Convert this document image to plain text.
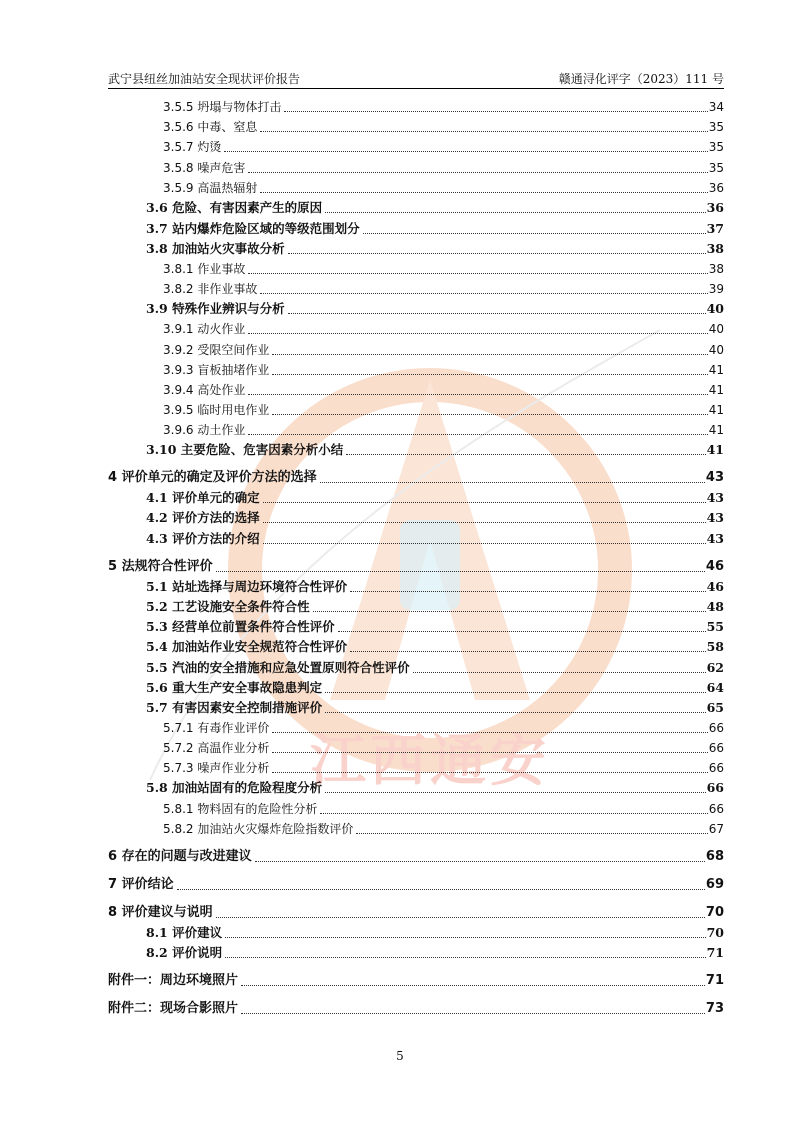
武宁县纽丝加油站安全现状评价报告	赣通浔化评字（2023）111 号
江西通安
3.5.5 坍塌与物体打击	34
3.5.6 中毒、窒息	35
3.5.7 灼烫	35
3.5.8 噪声危害	35
3.5.9 高温热辐射	36
3.6 危险、有害因素产生的原因	36
3.7 站内爆炸危险区域的等级范围划分	37
3.8 加油站火灾事故分析	38
3.8.1 作业事故	38
3.8.2 非作业事故	39
3.9 特殊作业辨识与分析	40
3.9.1 动火作业	40
3.9.2 受限空间作业	40
3.9.3 盲板抽堵作业	41
3.9.4 高处作业	41
3.9.5 临时用电作业	41
3.9.6 动土作业	41
3.10 主要危险、危害因素分析小结	41
4 评价单元的确定及评价方法的选择	43
4.1 评价单元的确定	43
4.2 评价方法的选择	43
4.3 评价方法的介绍	43
5 法规符合性评价	46
5.1 站址选择与周边环境符合性评价	46
5.2 工艺设施安全条件符合性	48
5.3 经营单位前置条件符合性评价	55
5.4 加油站作业安全规范符合性评价	58
5.5 汽油的安全措施和应急处置原则符合性评价	62
5.6 重大生产安全事故隐患判定	64
5.7 有害因素安全控制措施评价	65
5.7.1 有毒作业评价	66
5.7.2 高温作业分析	66
5.7.3 噪声作业分析	66
5.8 加油站固有的危险程度分析	66
5.8.1 物料固有的危险性分析	66
5.8.2 加油站火灾爆炸危险指数评价	67
6 存在的问题与改进建议	68
7 评价结论	69
8 评价建议与说明	70
8.1 评价建议	70
8.2 评价说明	71
附件一：周边环境照片	71
附件二：现场合影照片	73
5
